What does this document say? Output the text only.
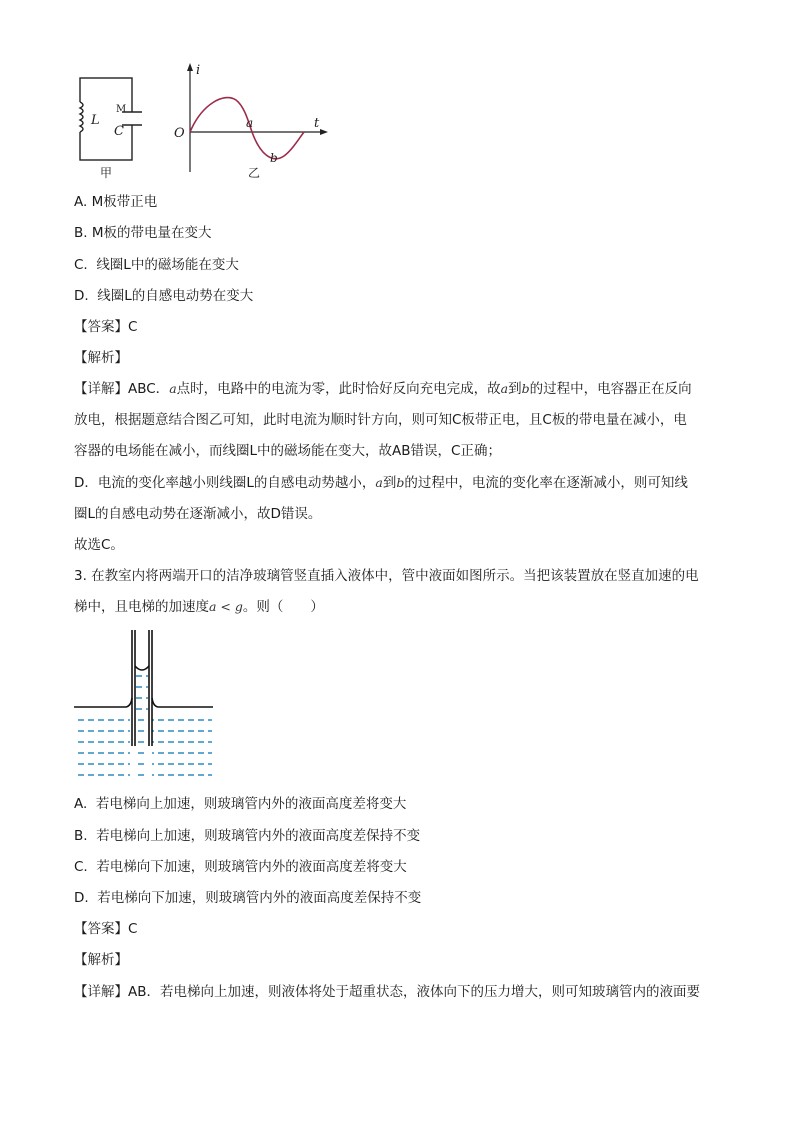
L
M
C
甲
i
t
O
a
b
乙
A. M板带正电
B. M板的带电量在变大
C. 线圈L中的磁场能在变大
D. 线圈L的自感电动势在变大
【答案】C
【解析】
【详解】ABC．a点时，电路中的电流为零，此时恰好反向充电完成，故a到b的过程中，电容器正在反向
放电，根据题意结合图乙可知，此时电流为顺时针方向，则可知C板带正电，且C板的带电量在减小，电
容器的电场能在减小，而线圈L中的磁场能在变大，故AB错误，C正确；
D．电流的变化率越小则线圈L的自感电动势越小，a到b的过程中，电流的变化率在逐渐减小，则可知线
圈L的自感电动势在逐渐减小，故D错误。
故选C。
3. 在教室内将两端开口的洁净玻璃管竖直插入液体中，管中液面如图所示。当把该装置放在竖直加速的电
梯中，且电梯的加速度a < g。则（　　）
A. 若电梯向上加速，则玻璃管内外的液面高度差将变大
B. 若电梯向上加速，则玻璃管内外的液面高度差保持不变
C. 若电梯向下加速，则玻璃管内外的液面高度差将变大
D. 若电梯向下加速，则玻璃管内外的液面高度差保持不变
【答案】C
【解析】
【详解】AB．若电梯向上加速，则液体将处于超重状态，液体向下的压力增大，则可知玻璃管内的液面要
